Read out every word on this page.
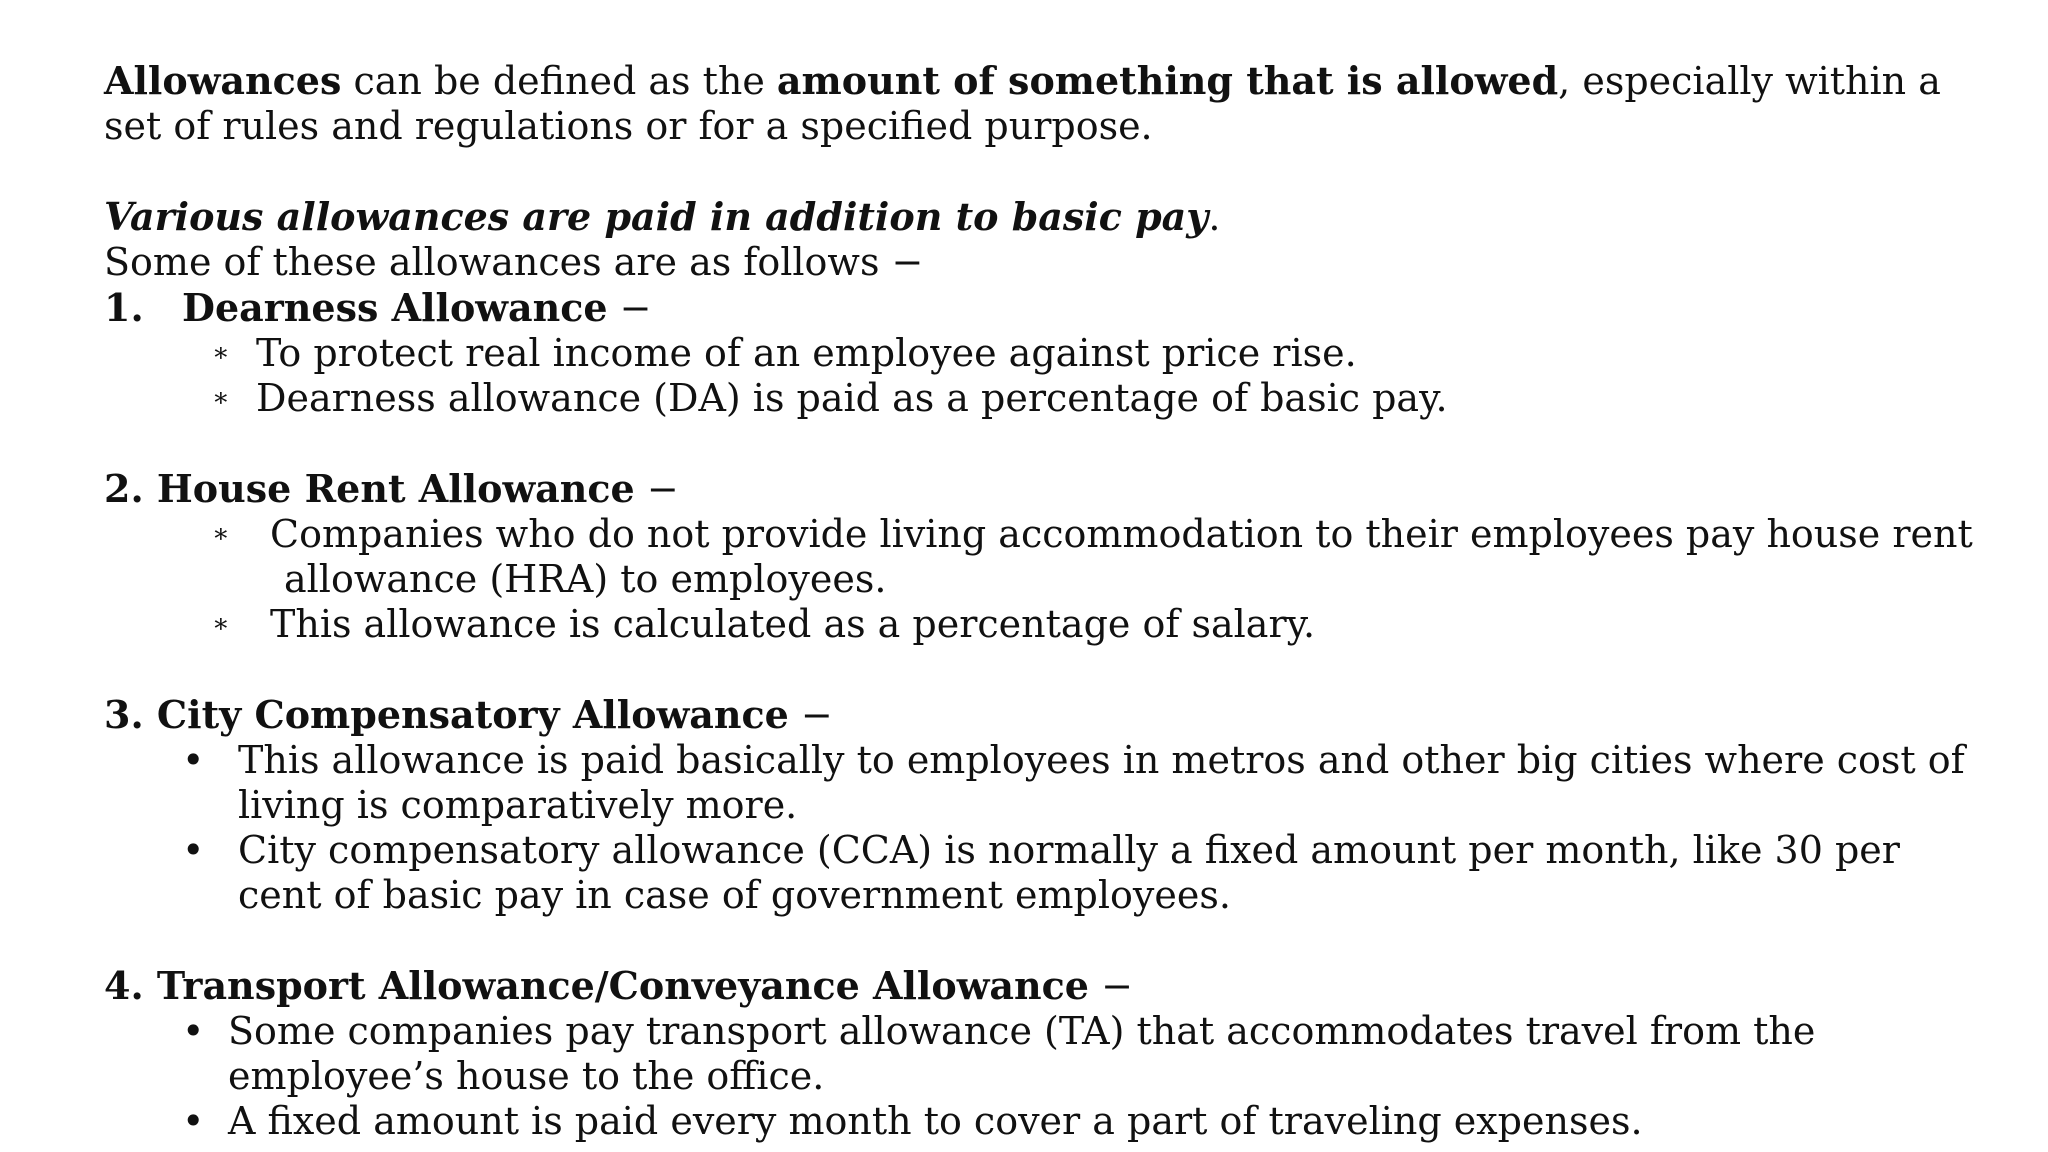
Allowances can be defined as the amount of something that is allowed, especially within a set of rules and regulations or for a specified purpose.

Various allowances are paid in addition to basic pay.

Some of these allowances are as follows −

1. Dearness Allowance −

∗ To protect real income of an employee against price rise.
∗ Dearness allowance (DA) is paid as a percentage of basic pay.

2. House Rent Allowance −

∗ Companies who do not provide living accommodation to their employees pay house rent
allowance (HRA) to employees.
∗ This allowance is calculated as a percentage of salary.

3. City Compensatory Allowance −

• This allowance is paid basically to employees in metros and other big cities where cost of living is comparatively more.
• City compensatory allowance (CCA) is normally a fixed amount per month, like 30 per cent of basic pay in case of government employees.

4. Transport Allowance/Conveyance Allowance −

• Some companies pay transport allowance (TA) that accommodates travel from the employee’s house to the office.
• A fixed amount is paid every month to cover a part of traveling expenses.
